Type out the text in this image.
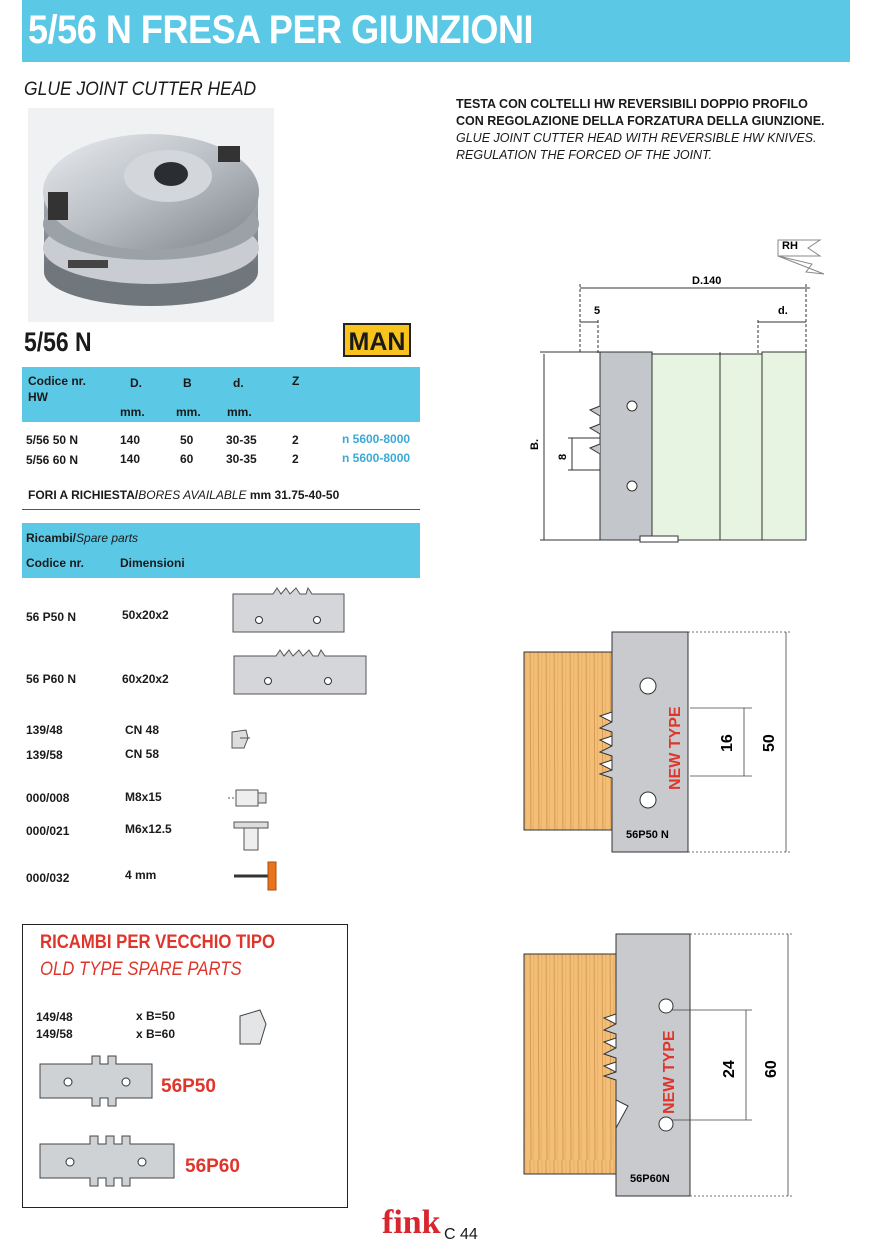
5/56 N FRESA PER GIUNZIONI
GLUE JOINT CUTTER HEAD
TESTA CON COLTELLI HW REVERSIBILI DOPPIO PROFILO
CON REGOLAZIONE DELLA FORZATURA DELLA GIUNZIONE.
GLUE JOINT CUTTER HEAD WITH REVERSIBLE HW KNIVES.
REGULATION THE FORCED OF THE JOINT.
5/56 N	MAN
Codice nr.
HW
D.	B	d.	Z
mm.	mm. mm.
5/56 50 N	140	50	30-35	2	n 5600-8000
5/56 60 N	140	60	30-35	2	n 5600-8000
FORI A RICHIESTA/BORES AVAILABLE mm 31.75-40-50
Ricambi/Spare parts
Codice nr.	Dimensioni
56 P50 N	50x20x2
56 P60 N	60x20x2
139/48	CN 48
139/58	CN 58
000/008	M8x15
000/021	M6x12.5
000/032	4 mm
RH
D.140
5	d.
B.
8
NEW TYPE 16 50
56P50 N
NEW TYPE	24 60
56P60N
RICAMBI PER VECCHIO TIPO
OLD TYPE SPARE PARTS
149/48	x B=50
149/58	x B=60
56P50
56P60
fink C 44
